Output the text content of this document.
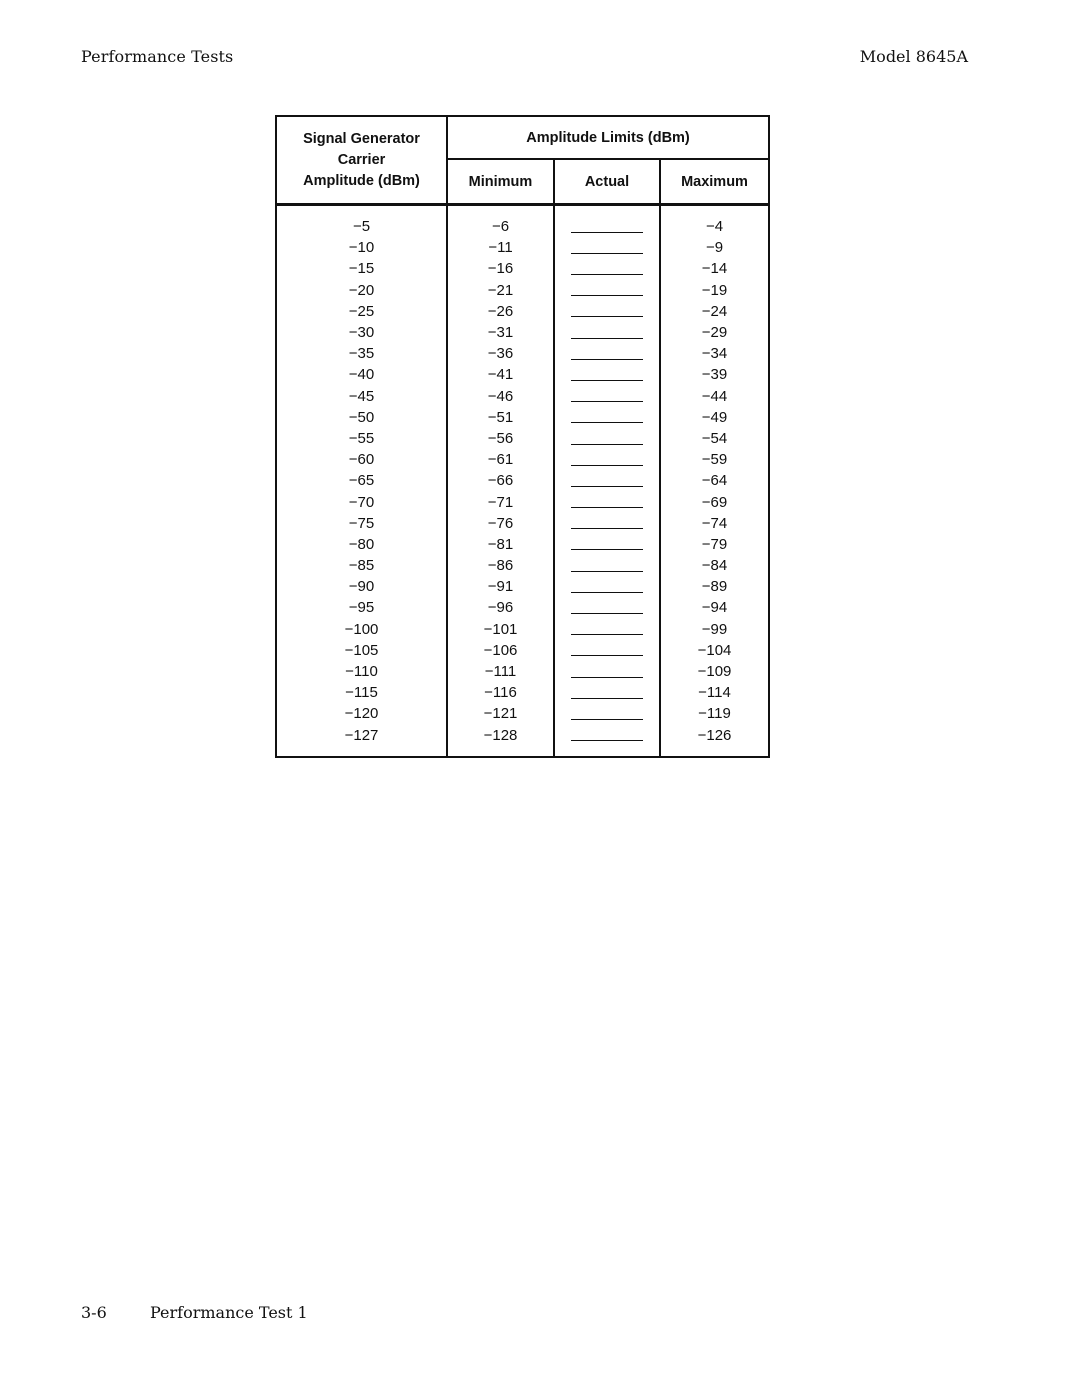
Performance Tests	Model 8645A
Signal Generator
Carrier
Amplitude (dBm)	Amplitude Limits (dBm)		
	Minimum	Actual	Maximum
−5	−6		−4
−10	−11		−9
−15	−16		−14
−20	−21		−19
−25	−26		−24
−30	−31		−29
−35	−36		−34
−40	−41		−39
−45	−46		−44
−50	−51		−49
−55	−56		−54
−60	−61		−59
−65	−66		−64
−70	−71		−69
−75	−76		−74
−80	−81		−79
−85	−86		−84
−90	−91		−89
−95	−96		−94
−100	−101		−99
−105	−106		−104
−110	−111		−109
−115	−116		−114
−120	−121		−119
−127	−128		−126
3-6	Performance Test 1
